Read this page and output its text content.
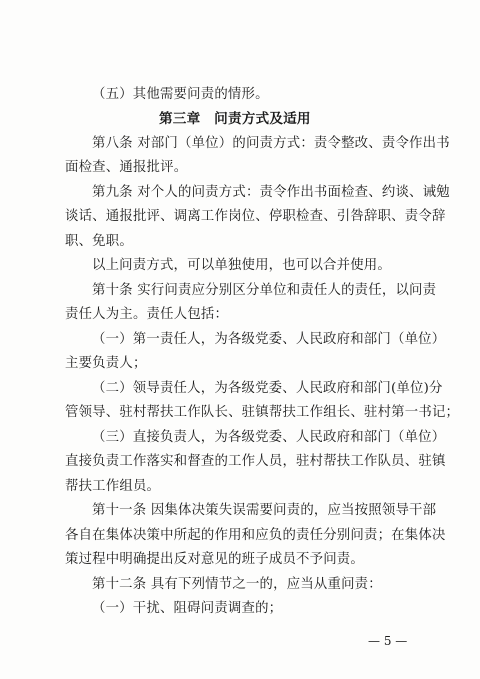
（五）其他需要问责的情形。
第三章　问责方式及适用
第八条 对部门（单位）的问责方式：责令整改、责令作出书
面检查、通报批评。
第九条 对个人的问责方式：责令作出书面检查、约谈、诫勉
谈话、通报批评、调离工作岗位、停职检查、引咎辞职、责令辞
职、免职。
以上问责方式，可以单独使用，也可以合并使用。
第十条 实行问责应分别区分单位和责任人的责任，以问责
责任人为主。责任人包括：
（一）第一责任人，为各级党委、人民政府和部门（单位）
主要负责人；
（二）领导责任人，为各级党委、人民政府和部门(单位)分
管领导、驻村帮扶工作队长、驻镇帮扶工作组长、驻村第一书记；
（三）直接负责人，为各级党委、人民政府和部门（单位）
直接负责工作落实和督查的工作人员，驻村帮扶工作队员、驻镇
帮扶工作组员。
第十一条 因集体决策失误需要问责的，应当按照领导干部
各自在集体决策中所起的作用和应负的责任分别问责；在集体决
策过程中明确提出反对意见的班子成员不予问责。
第十二条 具有下列情节之一的，应当从重问责：
（一）干扰、阻碍问责调查的；
— 5 —
